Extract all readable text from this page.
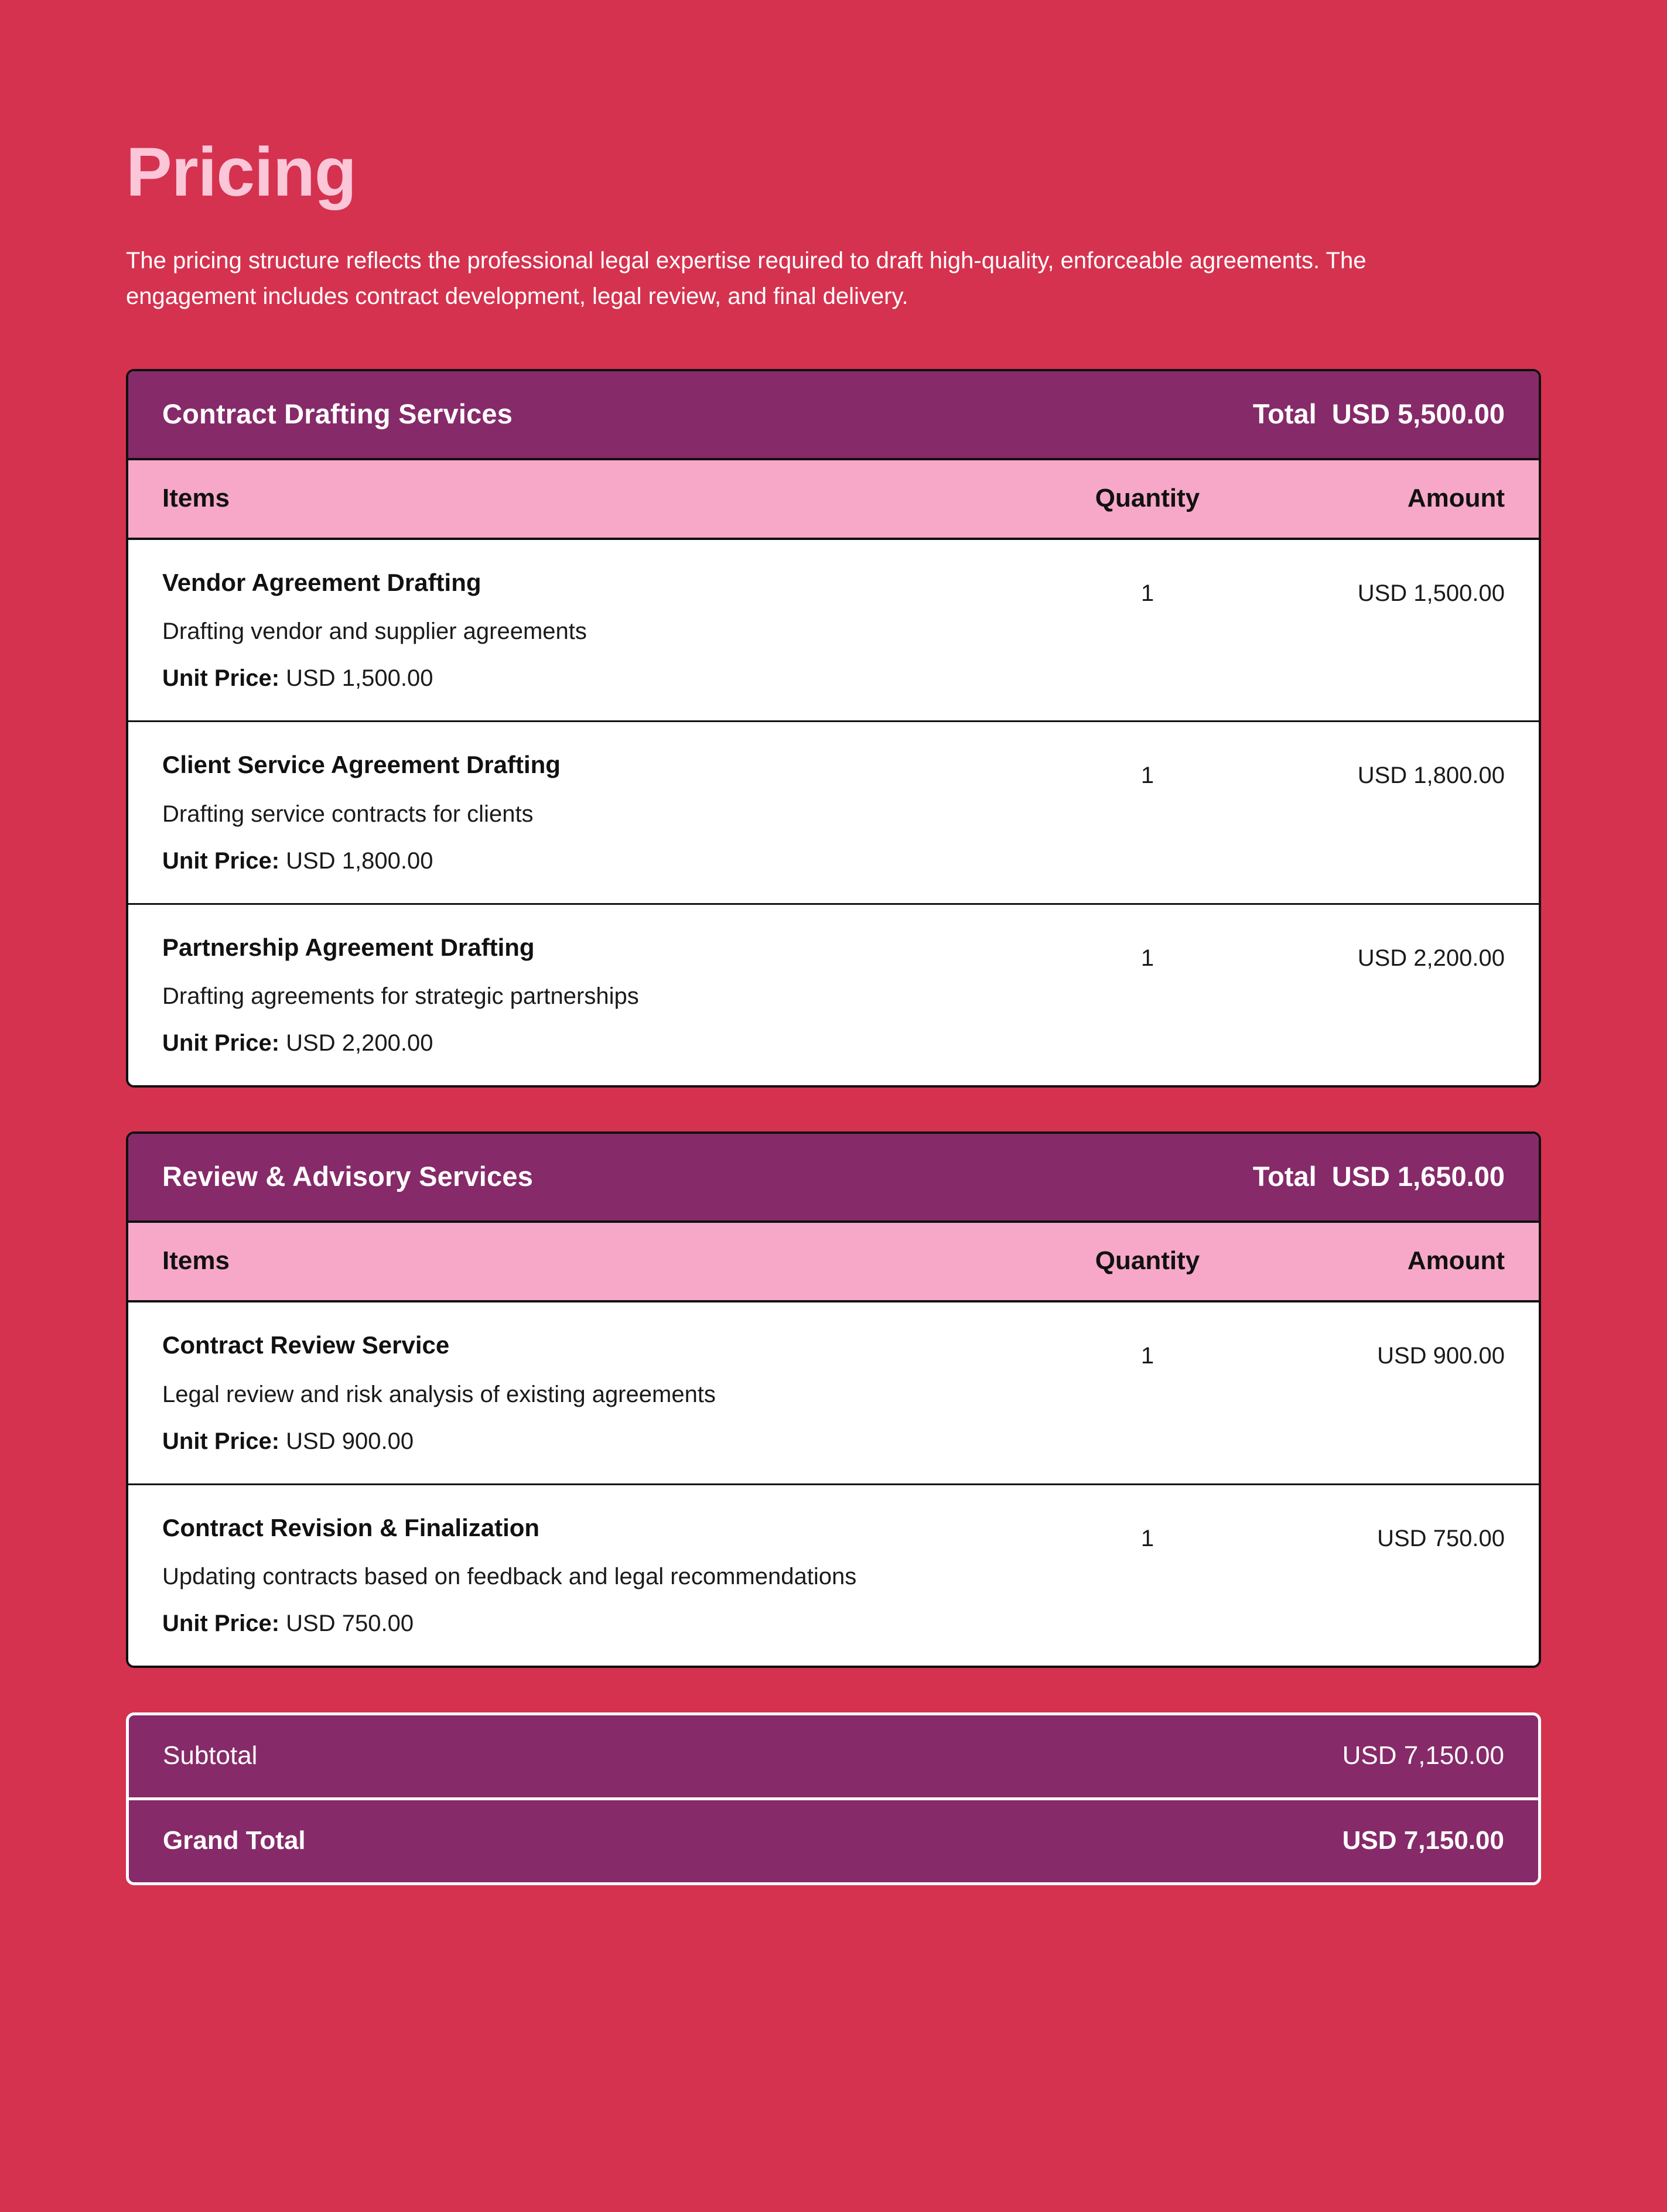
Pricing

The pricing structure reflects the professional legal expertise required to draft high-quality, enforceable agreements. The engagement includes contract development, legal review, and final delivery.

Contract Drafting Services	Total  USD 5,500.00
Items	Quantity	Amount
Vendor Agreement Drafting
Drafting vendor and supplier agreements
Unit Price: USD 1,500.00
1	USD 1,500.00
Client Service Agreement Drafting
Drafting service contracts for clients
Unit Price: USD 1,800.00
1	USD 1,800.00
Partnership Agreement Drafting
Drafting agreements for strategic partnerships
Unit Price: USD 2,200.00
1	USD 2,200.00
Review & Advisory Services	Total  USD 1,650.00
Items	Quantity	Amount
Contract Review Service
Legal review and risk analysis of existing agreements
Unit Price: USD 900.00
1	USD 900.00
Contract Revision & Finalization
Updating contracts based on feedback and legal recommendations
Unit Price: USD 750.00
1	USD 750.00
Subtotal	USD 7,150.00
Grand Total	USD 7,150.00
